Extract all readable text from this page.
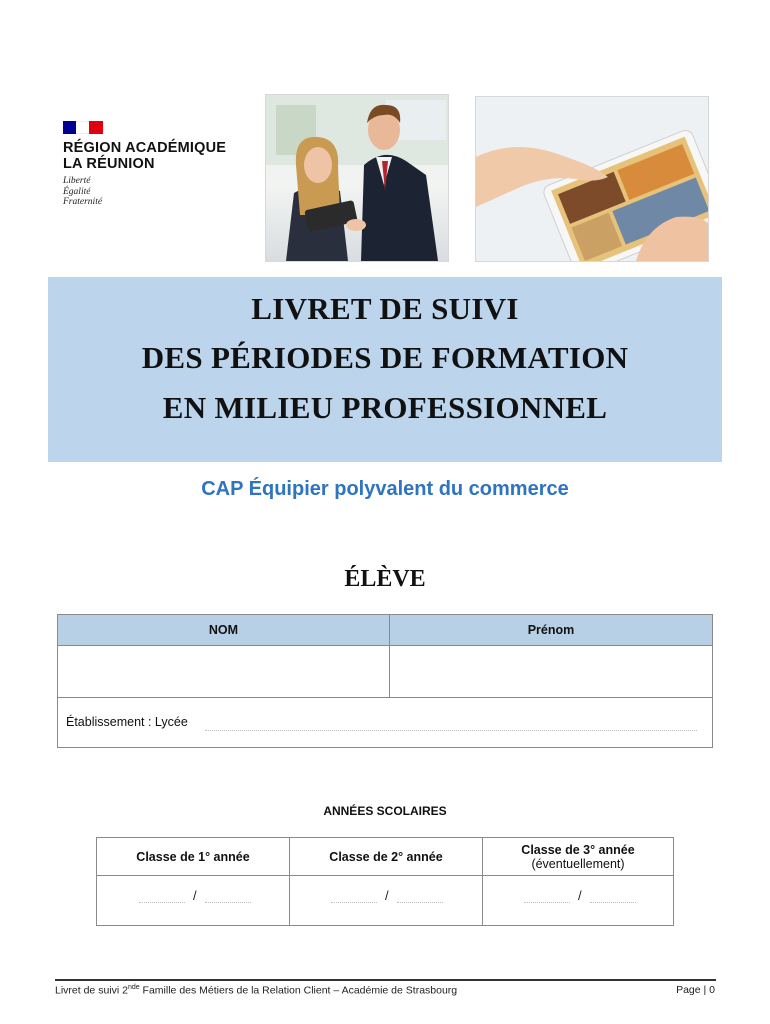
RÉGION ACADÉMIQUE
LA RÉUNION
Liberté
Égalité
Fraternité
LIVRET DE SUIVI
DES PÉRIODES DE FORMATION
EN MILIEU PROFESSIONNEL
CAP Équipier polyvalent du commerce
ÉLÈVE
NOM	Prénom
Établissement : Lycée
ANNÉES SCOLAIRES
Classe de 1° année	Classe de 2° année	Classe de 3° année
(éventuellement)
/	/	/
Livret de suivi 2nde Famille des Métiers de la Relation Client – Académie de Strasbourg	Page | 0
